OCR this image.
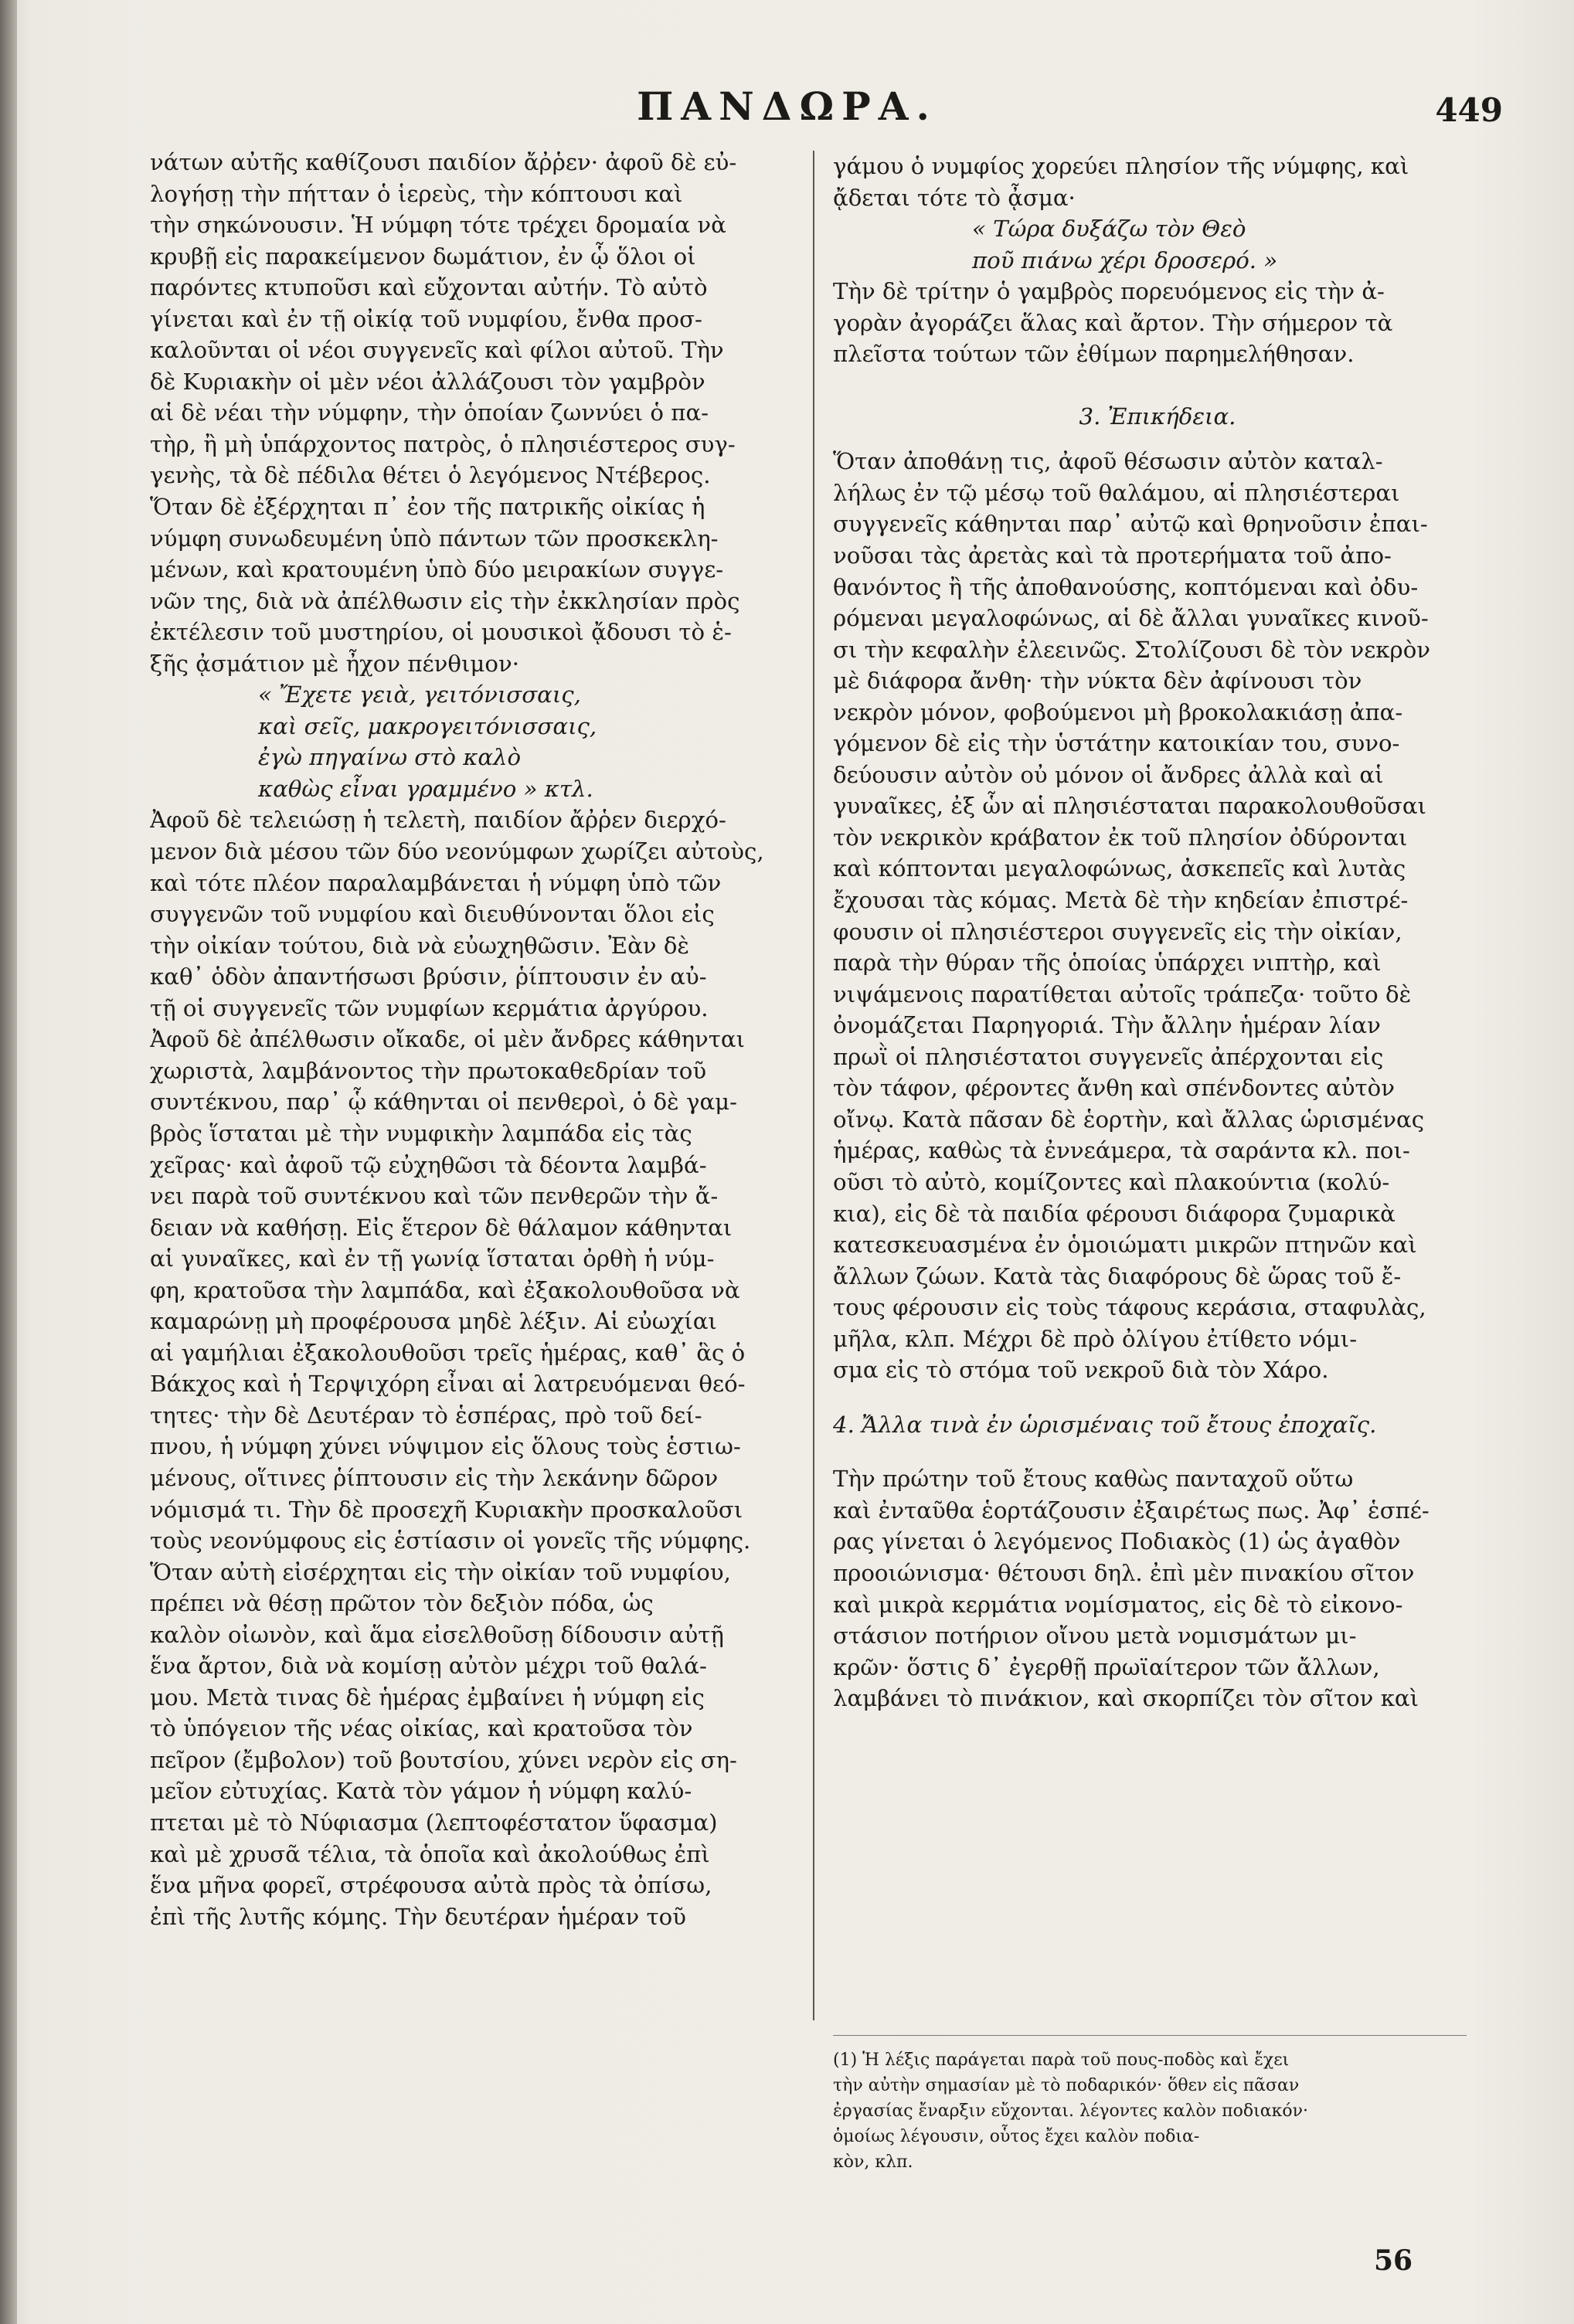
ΠΑΝΔΩΡΑ.	449
νάτων αὐτῆς καθίζουσι παιδίον ἄῤῥεν· ἀφοῦ δὲ εὐ-
λογήσῃ τὴν πήτταν ὁ ἱερεὺς, τὴν κόπτουσι καὶ
τὴν σηκώνουσιν. Ἡ νύμφη τότε τρέχει δρομαία νὰ
κρυβῇ εἰς παρακείμενον δωμάτιον, ἐν ᾧ ὅλοι οἱ
παρόντες κτυποῦσι καὶ εὔχονται αὐτήν. Τὸ αὐτὸ
γίνεται καὶ ἐν τῇ οἰκίᾳ τοῦ νυμφίου, ἔνθα προσ-
καλοῦνται οἱ νέοι συγγενεῖς καὶ φίλοι αὐτοῦ. Τὴν
δὲ Κυριακὴν οἱ μὲν νέοι ἀλλάζουσι τὸν γαμβρὸν
αἱ δὲ νέαι τὴν νύμφην, τὴν ὁποίαν ζωννύει ὁ πα-
τὴρ, ἢ μὴ ὑπάρχοντος πατρὸς, ὁ πλησιέστερος συγ-
γενὴς, τὰ δὲ πέδιλα θέτει ὁ λεγόμενος Ντέβερος.
Ὅταν δὲ ἐξέρχηται π᾽ ἐον τῆς πατρικῆς οἰκίας ἡ
νύμφη συνωδευμένη ὑπὸ πάντων τῶν προσκεκλη-
μένων, καὶ κρατουμένη ὑπὸ δύο μειρακίων συγγε-
νῶν της, διὰ νὰ ἀπέλθωσιν εἰς τὴν ἐκκλησίαν πρὸς
ἐκτέλεσιν τοῦ μυστηρίου, οἱ μουσικοὶ ᾄδουσι τὸ ἑ-
ξῆς ᾀσμάτιον μὲ ἦχον πένθιμον·
« Ἔχετε γειὰ, γειτόνισσαις,
καὶ σεῖς, μακρογειτόνισσαις,
ἐγὼ πηγαίνω στὸ καλὸ
καθὼς εἶναι γραμμένο » κτλ.
Ἀφοῦ δὲ τελειώσῃ ἡ τελετὴ, παιδίον ἄῤῥεν διερχό-
μενον διὰ μέσου τῶν δύο νεονύμφων χωρίζει αὐτοὺς,
καὶ τότε πλέον παραλαμβάνεται ἡ νύμφη ὑπὸ τῶν
συγγενῶν τοῦ νυμφίου καὶ διευθύνονται ὅλοι εἰς
τὴν οἰκίαν τούτου, διὰ νὰ εὐωχηθῶσιν. Ἐὰν δὲ
καθ᾽ ὁδὸν ἀπαντήσωσι βρύσιν, ῥίπτουσιν ἐν αὐ-
τῇ οἱ συγγενεῖς τῶν νυμφίων κερμάτια ἀργύρου.
Ἀφοῦ δὲ ἀπέλθωσιν οἴκαδε, οἱ μὲν ἄνδρες κάθηνται
χωριστὰ, λαμβάνοντος τὴν πρωτοκαθεδρίαν τοῦ
συντέκνου, παρ᾽ ᾧ κάθηνται οἱ πενθεροὶ, ὁ δὲ γαμ-
βρὸς ἵσταται μὲ τὴν νυμφικὴν λαμπάδα εἰς τὰς
χεῖρας· καὶ ἀφοῦ τῷ εὐχηθῶσι τὰ δέοντα λαμβά-
νει παρὰ τοῦ συντέκνου καὶ τῶν πενθερῶν τὴν ἄ-
δειαν νὰ καθήσῃ. Εἰς ἕτερον δὲ θάλαμον κάθηνται
αἱ γυναῖκες, καὶ ἐν τῇ γωνίᾳ ἵσταται ὀρθὴ ἡ νύμ-
φη, κρατοῦσα τὴν λαμπάδα, καὶ ἐξακολουθοῦσα νὰ
καμαρώνῃ μὴ προφέρουσα μηδὲ λέξιν. Αἱ εὐωχίαι
αἱ γαμήλιαι ἐξακολουθοῦσι τρεῖς ἡμέρας, καθ᾽ ἃς ὁ
Βάκχος καὶ ἡ Τερψιχόρη εἶναι αἱ λατρευόμεναι θεό-
τητες· τὴν δὲ Δευτέραν τὸ ἑσπέρας, πρὸ τοῦ δεί-
πνου, ἡ νύμφη χύνει νύψιμον εἰς ὅλους τοὺς ἑστιω-
μένους, οἵτινες ῥίπτουσιν εἰς τὴν λεκάνην δῶρον
νόμισμά τι. Τὴν δὲ προσεχῆ Κυριακὴν προσκαλοῦσι
τοὺς νεονύμφους εἰς ἑστίασιν οἱ γονεῖς τῆς νύμφης.
Ὅταν αὐτὴ εἰσέρχηται εἰς τὴν οἰκίαν τοῦ νυμφίου,
πρέπει νὰ θέσῃ πρῶτον τὸν δεξιὸν πόδα, ὡς
καλὸν οἰωνὸν, καὶ ἅμα εἰσελθοῦσῃ δίδουσιν αὐτῇ
ἕνα ἄρτον, διὰ νὰ κομίσῃ αὐτὸν μέχρι τοῦ θαλά-
μου. Μετὰ τινας δὲ ἡμέρας ἐμβαίνει ἡ νύμφη εἰς
τὸ ὑπόγειον τῆς νέας οἰκίας, καὶ κρατοῦσα τὸν
πεῖρον (ἔμβολον) τοῦ βουτσίου, χύνει νερὸν εἰς ση-
μεῖον εὐτυχίας. Κατὰ τὸν γάμον ἡ νύμφη καλύ-
πτεται μὲ τὸ Νύφιασμα (λεπτοφέστατον ὕφασμα)
καὶ μὲ χρυσᾶ τέλια, τὰ ὁποῖα καὶ ἀκολούθως ἐπὶ
ἕνα μῆνα φορεῖ, στρέφουσα αὐτὰ πρὸς τὰ ὀπίσω,
ἐπὶ τῆς λυτῆς κόμης. Τὴν δευτέραν ἡμέραν τοῦ
γάμου ὁ νυμφίος χορεύει πλησίον τῆς νύμφης, καὶ
ᾄδεται τότε τὸ ᾆσμα·
« Τώρα δυξάζω τὸν Θεὸ
ποῦ πιάνω χέρι δροσερό. »
Τὴν δὲ τρίτην ὁ γαμβρὸς πορευόμενος εἰς τὴν ἀ-
γορὰν ἀγοράζει ἅλας καὶ ἄρτον. Τὴν σήμερον τὰ
πλεῖστα τούτων τῶν ἐθίμων παρημελήθησαν.
3. Ἐπικήδεια.
Ὅταν ἀποθάνῃ τις, ἀφοῦ θέσωσιν αὐτὸν καταλ-
λήλως ἐν τῷ μέσῳ τοῦ θαλάμου, αἱ πλησιέστεραι
συγγενεῖς κάθηνται παρ᾽ αὐτῷ καὶ θρηνοῦσιν ἐπαι-
νοῦσαι τὰς ἀρετὰς καὶ τὰ προτερήματα τοῦ ἀπο-
θανόντος ἢ τῆς ἀποθανούσης, κοπτόμεναι καὶ ὀδυ-
ρόμεναι μεγαλοφώνως, αἱ δὲ ἄλλαι γυναῖκες κινοῦ-
σι τὴν κεφαλὴν ἐλεεινῶς. Στολίζουσι δὲ τὸν νεκρὸν
μὲ διάφορα ἄνθη· τὴν νύκτα δὲν ἀφίνουσι τὸν
νεκρὸν μόνον, φοβούμενοι μὴ βροκολακιάσῃ ἀπα-
γόμενον δὲ εἰς τὴν ὑστάτην κατοικίαν του, συνο-
δεύουσιν αὐτὸν οὐ μόνον οἱ ἄνδρες ἀλλὰ καὶ αἱ
γυναῖκες, ἐξ ὧν αἱ πλησιέσταται παρακολουθοῦσαι
τὸν νεκρικὸν κράβατον ἐκ τοῦ πλησίον ὀδύρονται
καὶ κόπτονται μεγαλοφώνως, ἀσκεπεῖς καὶ λυτὰς
ἔχουσαι τὰς κόμας. Μετὰ δὲ τὴν κηδείαν ἐπιστρέ-
φουσιν οἱ πλησιέστεροι συγγενεῖς εἰς τὴν οἰκίαν,
παρὰ τὴν θύραν τῆς ὁποίας ὑπάρχει νιπτὴρ, καὶ
νιψάμενοις παρατίθεται αὐτοῖς τράπεζα· τοῦτο δὲ
ὀνομάζεται Παρηγοριά. Τὴν ἄλλην ἡμέραν λίαν
πρωῒ οἱ πλησιέστατοι συγγενεῖς ἀπέρχονται εἰς
τὸν τάφον, φέροντες ἄνθη καὶ σπένδοντες αὐτὸν
οἴνῳ. Κατὰ πᾶσαν δὲ ἑορτὴν, καὶ ἄλλας ὡρισμένας
ἡμέρας, καθὼς τὰ ἐννεάμερα, τὰ σαράντα κλ. ποι-
οῦσι τὸ αὐτὸ, κομίζοντες καὶ πλακούντια (κολύ-
κια), εἰς δὲ τὰ παιδία φέρουσι διάφορα ζυμαρικὰ
κατεσκευασμένα ἐν ὁμοιώματι μικρῶν πτηνῶν καὶ
ἄλλων ζώων. Κατὰ τὰς διαφόρους δὲ ὥρας τοῦ ἔ-
τους φέρουσιν εἰς τοὺς τάφους κεράσια, σταφυλὰς,
μῆλα, κλπ. Μέχρι δὲ πρὸ ὀλίγου ἐτίθετο νόμι-
σμα εἰς τὸ στόμα τοῦ νεκροῦ διὰ τὸν Χάρο.
4. Ἄλλα τινὰ ἐν ὡρισμέναις τοῦ ἔτους ἐποχαῖς.
Τὴν πρώτην τοῦ ἔτους καθὼς πανταχοῦ οὕτω
καὶ ἐνταῦθα ἑορτάζουσιν ἐξαιρέτως πως. Ἀφ᾽ ἑσπέ-
ρας γίνεται ὁ λεγόμενος Ποδιακὸς (1) ὡς ἀγαθὸν
προοιώνισμα· θέτουσι δηλ. ἐπὶ μὲν πινακίου σῖτον
καὶ μικρὰ κερμάτια νομίσματος, εἰς δὲ τὸ εἰκονο-
στάσιον ποτήριον οἴνου μετὰ νομισμάτων μι-
κρῶν· ὅστις δ᾽ ἐγερθῇ πρωϊαίτερον τῶν ἄλλων,
λαμβάνει τὸ πινάκιον, καὶ σκορπίζει τὸν σῖτον καὶ
(1) Ἡ λέξις παράγεται παρὰ τοῦ πους-ποδὸς καὶ ἔχει
τὴν αὐτὴν σημασίαν μὲ τὸ ποδαρικόν· ὅθεν εἰς πᾶσαν
ἐργασίας ἔναρξιν εὔχονται. λέγοντες καλὸν ποδιακόν·
ὁμοίως λέγουσιν, οὗτος ἔχει καλὸν ποδια-
κὸν, κλπ.
56
